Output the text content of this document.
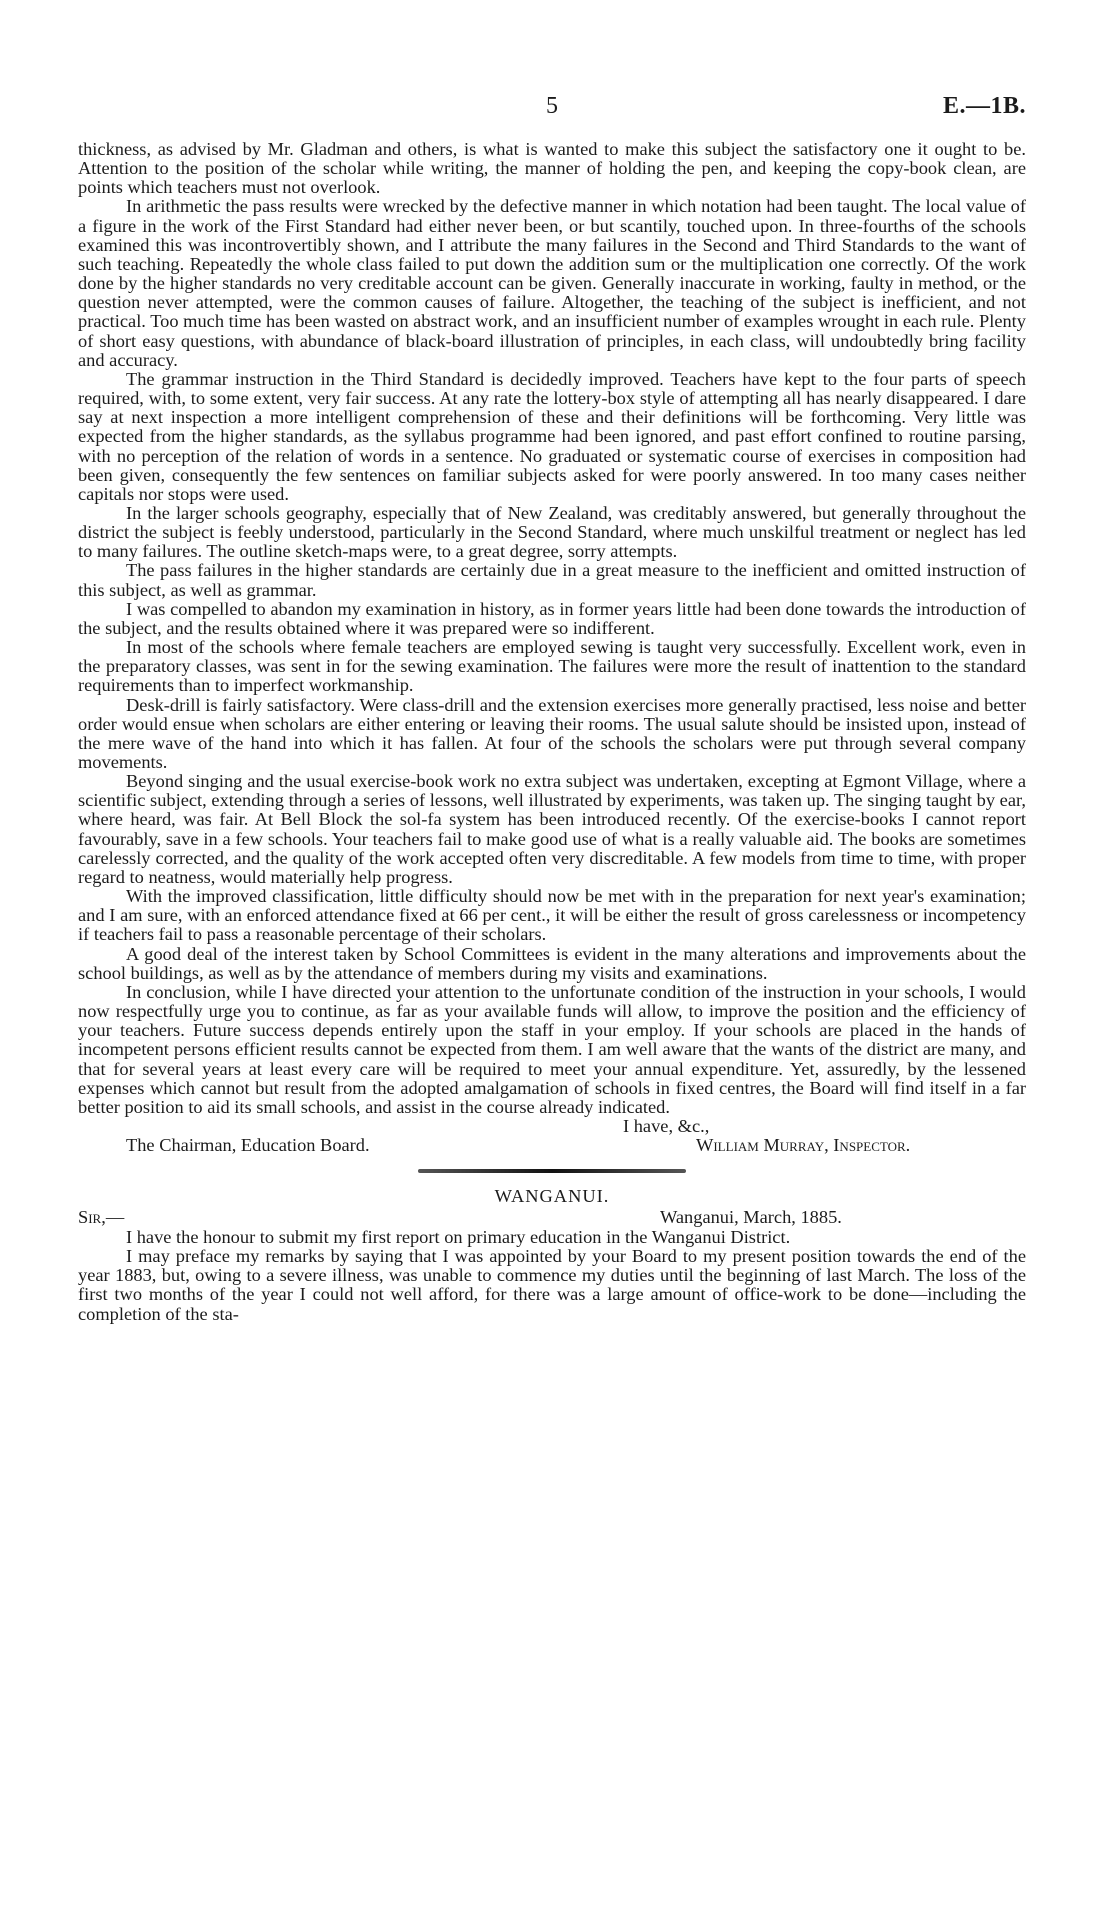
5	E.—1B.

thickness, as advised by Mr. Gladman and others, is what is wanted to make this subject the satisfactory one it ought to be. Attention to the position of the scholar while writing, the manner of holding the pen, and keeping the copy-book clean, are points which teachers must not overlook.

In arithmetic the pass results were wrecked by the defective manner in which notation had been taught. The local value of a figure in the work of the First Standard had either never been, or but scantily, touched upon. In three-fourths of the schools examined this was incontrovertibly shown, and I attribute the many failures in the Second and Third Standards to the want of such teaching. Repeatedly the whole class failed to put down the addition sum or the multiplication one correctly. Of the work done by the higher standards no very creditable account can be given. Generally inaccurate in working, faulty in method, or the question never attempted, were the common causes of failure. Altogether, the teaching of the subject is inefficient, and not practical. Too much time has been wasted on abstract work, and an insufficient number of examples wrought in each rule. Plenty of short easy questions, with abundance of black-board illustration of principles, in each class, will undoubtedly bring facility and accuracy.

The grammar instruction in the Third Standard is decidedly improved. Teachers have kept to the four parts of speech required, with, to some extent, very fair success. At any rate the lottery-box style of attempting all has nearly disappeared. I dare say at next inspection a more intelligent comprehension of these and their definitions will be forthcoming. Very little was expected from the higher standards, as the syllabus programme had been ignored, and past effort confined to routine parsing, with no perception of the relation of words in a sentence. No graduated or systematic course of exercises in composition had been given, consequently the few sentences on familiar subjects asked for were poorly answered. In too many cases neither capitals nor stops were used.

In the larger schools geography, especially that of New Zealand, was creditably answered, but generally throughout the district the subject is feebly understood, particularly in the Second Standard, where much unskilful treatment or neglect has led to many failures. The outline sketch-maps were, to a great degree, sorry attempts.

The pass failures in the higher standards are certainly due in a great measure to the inefficient and omitted instruction of this subject, as well as grammar.

I was compelled to abandon my examination in history, as in former years little had been done towards the introduction of the subject, and the results obtained where it was prepared were so indifferent.

In most of the schools where female teachers are employed sewing is taught very successfully. Excellent work, even in the preparatory classes, was sent in for the sewing examination. The failures were more the result of inattention to the standard requirements than to imperfect workmanship.

Desk-drill is fairly satisfactory. Were class-drill and the extension exercises more generally practised, less noise and better order would ensue when scholars are either entering or leaving their rooms. The usual salute should be insisted upon, instead of the mere wave of the hand into which it has fallen. At four of the schools the scholars were put through several company movements.

Beyond singing and the usual exercise-book work no extra subject was undertaken, excepting at Egmont Village, where a scientific subject, extending through a series of lessons, well illustrated by experiments, was taken up. The singing taught by ear, where heard, was fair. At Bell Block the sol-fa system has been introduced recently. Of the exercise-books I cannot report favourably, save in a few schools. Your teachers fail to make good use of what is a really valuable aid. The books are sometimes carelessly corrected, and the quality of the work accepted often very discreditable. A few models from time to time, with proper regard to neatness, would materially help progress.

With the improved classification, little difficulty should now be met with in the preparation for next year's examination; and I am sure, with an enforced attendance fixed at 66 per cent., it will be either the result of gross carelessness or incompetency if teachers fail to pass a reasonable percentage of their scholars.

A good deal of the interest taken by School Committees is evident in the many alterations and improvements about the school buildings, as well as by the attendance of members during my visits and examinations.

In conclusion, while I have directed your attention to the unfortunate condition of the instruction in your schools, I would now respectfully urge you to continue, as far as your available funds will allow, to improve the position and the efficiency of your teachers. Future success depends entirely upon the staff in your employ. If your schools are placed in the hands of incompetent persons efficient results cannot be expected from them. I am well aware that the wants of the district are many, and that for several years at least every care will be required to meet your annual expenditure. Yet, assuredly, by the lessened expenses which cannot but result from the adopted amalgamation of schools in fixed centres, the Board will find itself in a far better position to aid its small schools, and assist in the course already indicated.

I have, &c.,
The Chairman, Education Board.	William Murray, Inspector.
WANGANUI.
Sir,—	Wanganui, March, 1885.

I have the honour to submit my first report on primary education in the Wanganui District.

I may preface my remarks by saying that I was appointed by your Board to my present position towards the end of the year 1883, but, owing to a severe illness, was unable to commence my duties until the beginning of last March. The loss of the first two months of the year I could not well afford, for there was a large amount of office-work to be done—including the completion of the sta-
